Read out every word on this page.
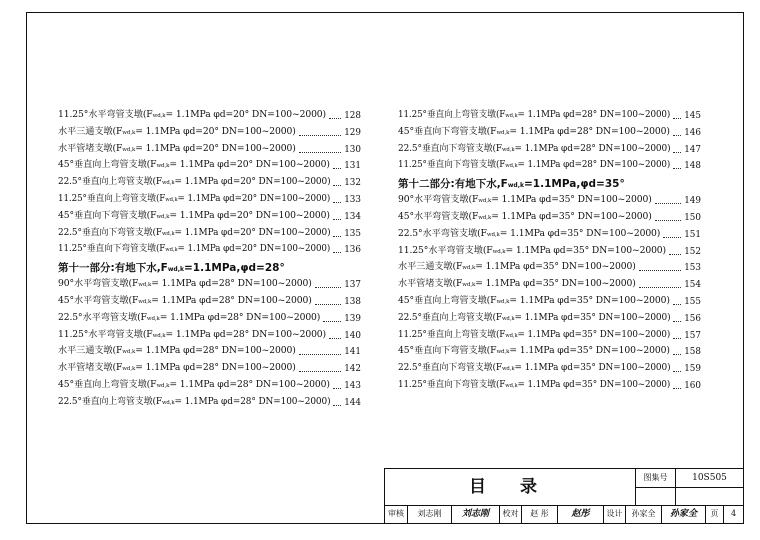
11.25°水平弯管支墩(Fwd,k= 1.1MPa φd=20° DN=100~2000) 128
水平三通支墩(Fwd,k= 1.1MPa φd=20° DN=100~2000)	129
水平管堵支墩(Fwd,k= 1.1MPa φd=20° DN=100~2000)	130
45°垂直向上弯管支墩(Fwd,k= 1.1MPa φd=20° DN=100~2000) 131
22.5°垂直向上弯管支墩(Fwd,k= 1.1MPa φd=20° DN=100~2000) 132
11.25°垂直向上弯管支墩(Fwd,k= 1.1MPa φd=20° DN=100~2000) 133
45°垂直向下弯管支墩(Fwd,k= 1.1MPa φd=20° DN=100~2000) 134
22.5°垂直向下弯管支墩(Fwd,k= 1.1MPa φd=20° DN=100~2000) 135
11.25°垂直向下弯管支墩(Fwd,k= 1.1MPa φd=20° DN=100~2000) 136
第十一部分:有地下水,Fwd,k=1.1MPa,φd=28°
90°水平弯管支墩(Fwd,k= 1.1MPa φd=28° DN=100~2000)	137
45°水平弯管支墩(Fwd,k= 1.1MPa φd=28° DN=100~2000)	138
22.5°水平弯管支墩(Fwd,k= 1.1MPa φd=28° DN=100~2000)	139
11.25°水平弯管支墩(Fwd,k= 1.1MPa φd=28° DN=100~2000) 140
水平三通支墩(Fwd,k= 1.1MPa φd=28° DN=100~2000)	141
水平管堵支墩(Fwd,k= 1.1MPa φd=28° DN=100~2000)	142
45°垂直向上弯管支墩(Fwd,k= 1.1MPa φd=28° DN=100~2000) 143
22.5°垂直向上弯管支墩(Fwd,k= 1.1MPa φd=28° DN=100~2000) 144
11.25°垂直向上弯管支墩(Fwd,k= 1.1MPa φd=28° DN=100~2000) 145
45°垂直向下弯管支墩(Fwd,k= 1.1MPa φd=28° DN=100~2000) 146
22.5°垂直向下弯管支墩(Fwd,k= 1.1MPa φd=28° DN=100~2000) 147
11.25°垂直向下弯管支墩(Fwd,k= 1.1MPa φd=28° DN=100~2000) 148
第十二部分:有地下水,Fwd,k=1.1MPa,φd=35°
90°水平弯管支墩(Fwd,k= 1.1MPa φd=35° DN=100~2000)	149
45°水平弯管支墩(Fwd,k= 1.1MPa φd=35° DN=100~2000)	150
22.5°水平弯管支墩(Fwd,k= 1.1MPa φd=35° DN=100~2000)	151
11.25°水平弯管支墩(Fwd,k= 1.1MPa φd=35° DN=100~2000) 152
水平三通支墩(Fwd,k= 1.1MPa φd=35° DN=100~2000)	153
水平管堵支墩(Fwd,k= 1.1MPa φd=35° DN=100~2000)	154
45°垂直向上弯管支墩(Fwd,k= 1.1MPa φd=35° DN=100~2000) 155
22.5°垂直向上弯管支墩(Fwd,k= 1.1MPa φd=35° DN=100~2000) 156
11.25°垂直向上弯管支墩(Fwd,k= 1.1MPa φd=35° DN=100~2000) 157
45°垂直向下弯管支墩(Fwd,k= 1.1MPa φd=35° DN=100~2000) 158
22.5°垂直向下弯管支墩(Fwd,k= 1.1MPa φd=35° DN=100~2000) 159
11.25°垂直向下弯管支墩(Fwd,k= 1.1MPa φd=35° DN=100~2000) 160
目 录	图集号	10S505
审核	刘志刚	刘志刚	校对	赵 彤	赵彤	设计	孙家全	孙家全	页	4
